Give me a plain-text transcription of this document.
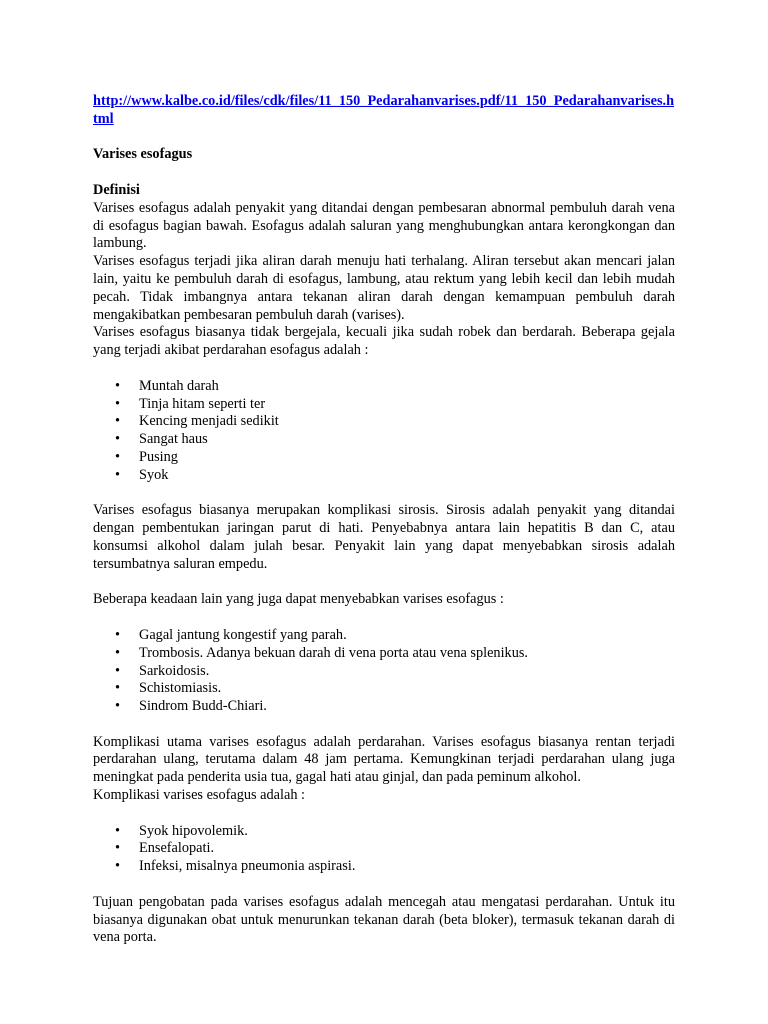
http://www.kalbe.co.id/files/cdk/files/11_150_Pedarahanvarises.pdf/11_150_Pedarahanvarises.html

Varises esofagus

Definisi

Varises esofagus adalah penyakit yang ditandai dengan pembesaran abnormal pembuluh darah vena di esofagus bagian bawah. Esofagus adalah saluran yang menghubungkan antara kerongkongan dan lambung.

Varises esofagus terjadi jika aliran darah menuju hati terhalang. Aliran tersebut akan mencari jalan lain, yaitu ke pembuluh darah di esofagus, lambung, atau rektum yang lebih kecil dan lebih mudah pecah. Tidak imbangnya antara tekanan aliran darah dengan kemampuan pembuluh darah mengakibatkan pembesaran pembuluh darah (varises).

Varises esofagus biasanya tidak bergejala, kecuali jika sudah robek dan berdarah. Beberapa gejala yang terjadi akibat perdarahan esofagus adalah :

• Muntah darah
• Tinja hitam seperti ter
• Kencing menjadi sedikit
• Sangat haus
• Pusing
• Syok

Varises esofagus biasanya merupakan komplikasi sirosis. Sirosis adalah penyakit yang ditandai dengan pembentukan jaringan parut di hati. Penyebabnya antara lain hepatitis B dan C, atau konsumsi alkohol dalam julah besar. Penyakit lain yang dapat menyebabkan sirosis adalah tersumbatnya saluran empedu.

Beberapa keadaan lain yang juga dapat menyebabkan varises esofagus :

• Gagal jantung kongestif yang parah.
• Trombosis. Adanya bekuan darah di vena porta atau vena splenikus.
• Sarkoidosis.
• Schistomiasis.
• Sindrom Budd-Chiari.

Komplikasi utama varises esofagus adalah perdarahan. Varises esofagus biasanya rentan terjadi perdarahan ulang, terutama dalam 48 jam pertama. Kemungkinan terjadi perdarahan ulang juga meningkat pada penderita usia tua, gagal hati atau ginjal, dan pada peminum alkohol.

Komplikasi varises esofagus adalah :

• Syok hipovolemik.
• Ensefalopati.
• Infeksi, misalnya pneumonia aspirasi.

Tujuan pengobatan pada varises esofagus adalah mencegah atau mengatasi perdarahan. Untuk itu biasanya digunakan obat untuk menurunkan tekanan darah (beta bloker), termasuk tekanan darah di vena porta.
